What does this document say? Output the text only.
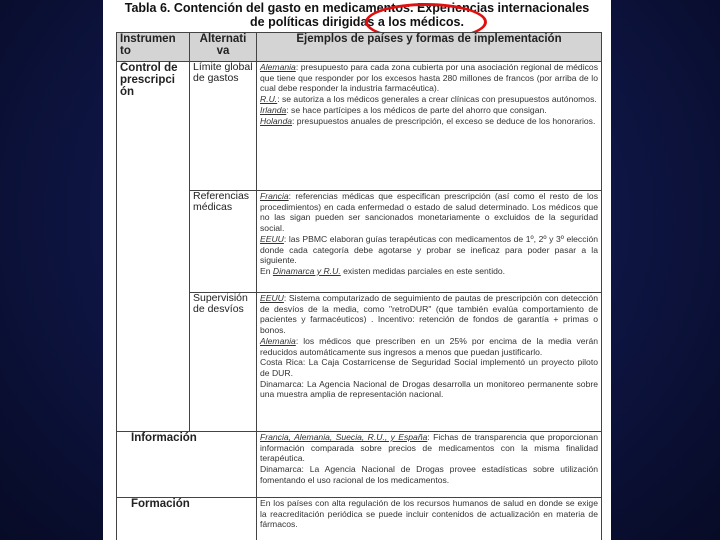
Tabla 6. Contención del gasto en medicamentos. Experiencias internacionales
de políticas dirigidas a los médicos.
Instrumen to	Alternati va	Ejemplos de países y formas de implementación
Control de prescripci ón	Límite global de gastos	Alemania: presupuesto para cada zona cubierta por una asociación regional de médicos que tiene que responder por los excesos hasta 280 millones de francos (por arriba de lo cual debe responder la industria farmacéutica).

R.U.: se autoriza a los médicos generales a crear clínicas con presupuestos autónomos.

Irlanda: se hace partícipes a los médicos de parte del ahorro que consigan.

Holanda: presupuestos anuales de prescripción, el exceso se deduce de los honorarios.

	Referencias médicas	Francia: referencias médicas que especifican prescripción (así como el resto de los procedimientos) en cada enfermedad o estado de salud determinado. Los médicos que no las sigan pueden ser sancionados monetariamente o excluidos de la seguridad social.

EEUU: las PBMC elaboran guías terapéuticas con medicamentos de 1º, 2º y 3º elección donde cada categoría debe agotarse y probar se ineficaz para poder pasar a la siguiente.

En Dinamarca y R.U. existen medidas parciales en este sentido.

	Supervisión de desvíos	EEUU: Sistema computarizado de seguimiento de pautas de prescripción con detección de desvíos de la media, como "retroDUR" (que también evalúa comportamiento de pacientes y farmacéuticos) . Incentivo: retención de fondos de garantía + primas o bonos.

Alemania: los médicos que prescriben en un 25% por encima de la media verán reducidos automáticamente sus ingresos a menos que puedan justificarlo.

Costa Rica: La Caja Costarricense de Seguridad Social implementó un proyecto piloto de DUR.

Dinamarca: La Agencia Nacional de Drogas desarrolla un monitoreo permanente sobre una muestra amplia de representación nacional.

Información		Francia, Alemania, Suecia, R.U., y España: Fichas de transparencia que proporcionan información comparada sobre precios de medicamentos con la misma finalidad terapéutica.

Dinamarca: La Agencia Nacional de Drogas provee estadísticas sobre utilización fomentando el uso racional de los medicamentos.

Formación		En los países con alta regulación de los recursos humanos de salud en donde se exige la reacreditación periódica se puede incluir contenidos de actualización en materia de fármacos.
